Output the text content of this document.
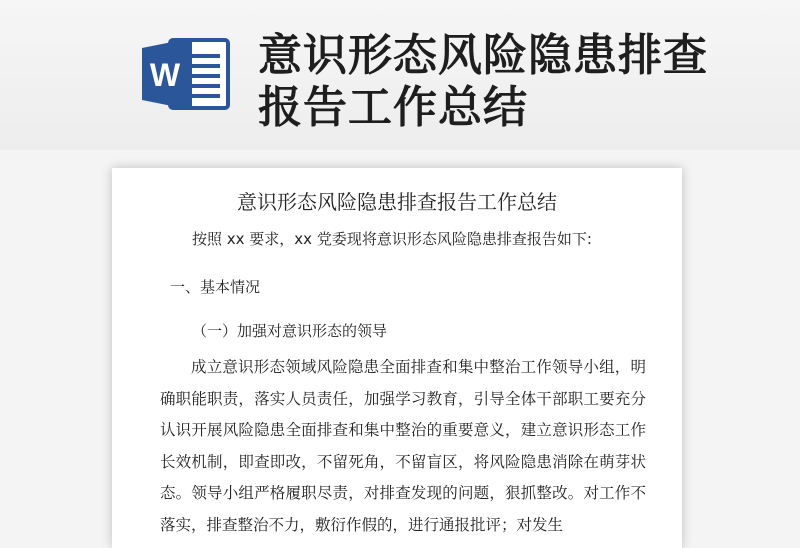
W 意识形态风险隐患排查报告工作总结
意识形态风险隐患排查报告工作总结
按照 xx 要求，xx 党委现将意识形态风险隐患排查报告如下:
一、基本情况
（一）加强对意识形态的领导
成立意识形态领域风险隐患全面排查和集中整治工作领导小组，明确职能职责，落实人员责任，加强学习教育，引导全体干部职工要充分认识开展风险隐患全面排查和集中整治的重要意义，建立意识形态工作长效机制，即查即改，不留死角，不留盲区，将风险隐患消除在萌芽状态。领导小组严格履职尽责，对排查发现的问题，狠抓整改。对工作不落实，排查整治不力，敷衍作假的，进行通报批评；对发生
